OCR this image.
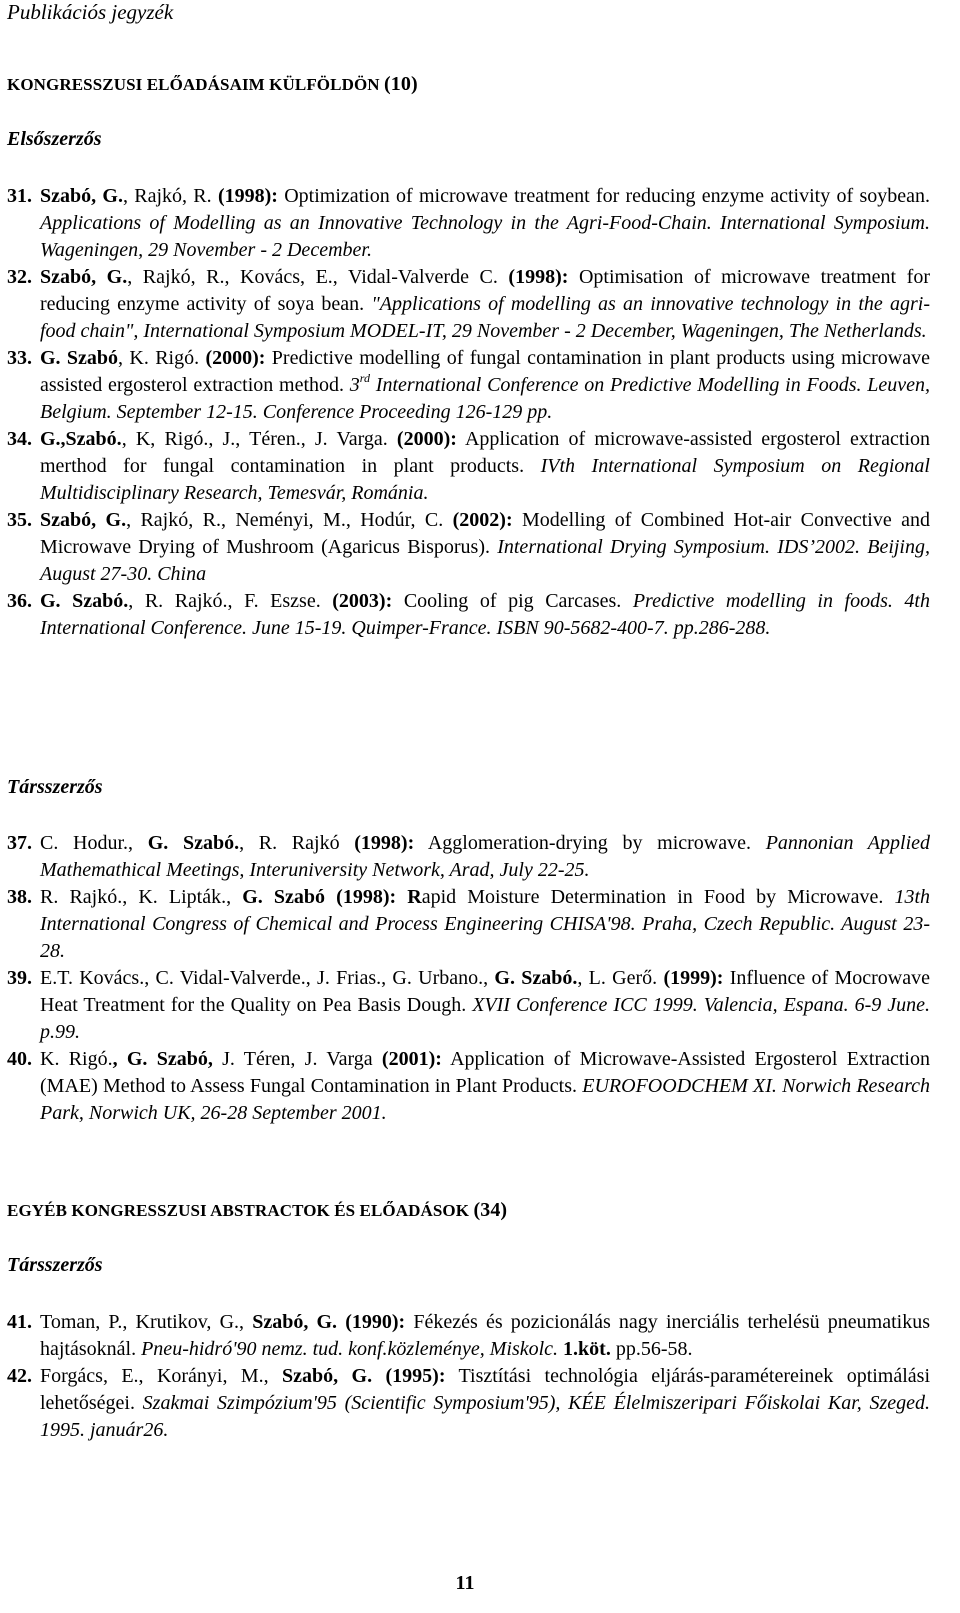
Publikációs jegyzék
KONGRESSZUSI ELŐADÁSAIM KÜLFÖLDÖN (10)
Elsőszerzős
31. Szabó, G., Rajkó, R. (1998): Optimization of microwave treatment for reducing enzyme activity of soybean. Applications of Modelling as an Innovative Technology in the Agri-Food-Chain. International Symposium. Wageningen, 29 November - 2 December.
32. Szabó, G., Rajkó, R., Kovács, E., Vidal-Valverde C. (1998): Optimisation of microwave treatment for reducing enzyme activity of soya bean. "Applications of modelling as an innovative technology in the agri-food chain", International Symposium MODEL-IT, 29 November - 2 December, Wageningen, The Netherlands.
33. G. Szabó, K. Rigó. (2000): Predictive modelling of fungal contamination in plant products using microwave assisted ergosterol extraction method. 3rd International Conference on Predictive Modelling in Foods. Leuven, Belgium. September 12-15. Conference Proceeding 126-129 pp.
34. G.,Szabó., K, Rigó., J., Téren., J. Varga. (2000): Application of microwave-assisted ergosterol extraction merthod for fungal contamination in plant products. IVth International Symposium on Regional Multidisciplinary Research, Temesvár, Románia.
35. Szabó, G., Rajkó, R., Neményi, M., Hodúr, C. (2002): Modelling of Combined Hot-air Convective and Microwave Drying of Mushroom (Agaricus Bisporus). International Drying Symposium. IDS’2002. Beijing, August 27-30. China
36. G. Szabó., R. Rajkó., F. Eszse. (2003): Cooling of pig Carcases. Predictive modelling in foods. 4th International Conference. June 15-19. Quimper-France. ISBN 90-5682-400-7. pp.286-288.
Társszerzős
37. C. Hodur., G. Szabó., R. Rajkó (1998): Agglomeration-drying by microwave. Pannonian Applied Mathemathical Meetings, Interuniversity Network, Arad, July 22-25.
38. R. Rajkó., K. Lipták., G. Szabó (1998): Rapid Moisture Determination in Food by Microwave. 13th International Congress of Chemical and Process Engineering CHISA'98. Praha, Czech Republic. August 23-28.
39. E.T. Kovács., C. Vidal-Valverde., J. Frias., G. Urbano., G. Szabó., L. Gerő. (1999): Influence of Mocrowave Heat Treatment for the Quality on Pea Basis Dough. XVII Conference ICC 1999. Valencia, Espana. 6-9 June. p.99.
40. K. Rigó., G. Szabó, J. Téren, J. Varga (2001): Application of Microwave-Assisted Ergosterol Extraction (MAE) Method to Assess Fungal Contamination in Plant Products. EUROFOODCHEM XI. Norwich Research Park, Norwich UK, 26-28 September 2001.
EGYÉB KONGRESSZUSI ABSTRACTOK ÉS ELŐADÁSOK (34)
Társszerzős
41. Toman, P., Krutikov, G., Szabó, G. (1990): Fékezés és pozicionálás nagy inerciális terhelésü pneumatikus hajtásoknál. Pneu-hidró'90 nemz. tud. konf.közleménye, Miskolc. 1.köt. pp.56-58.
42. Forgács, E., Korányi, M., Szabó, G. (1995): Tisztítási technológia eljárás-paramétereinek optimálási lehetőségei. Szakmai Szimpózium'95 (Scientific Symposium'95), KÉE Élelmiszeripari Főiskolai Kar, Szeged. 1995. január26.
11
